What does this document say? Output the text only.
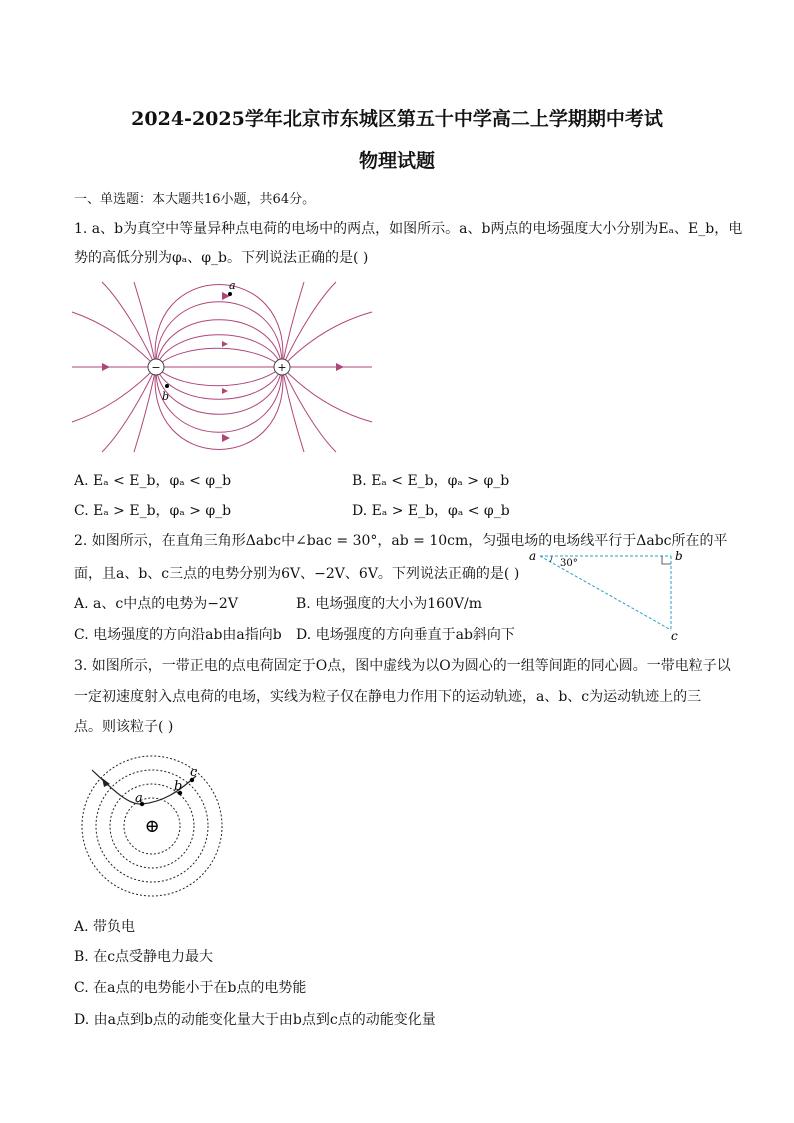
2024-2025学年北京市东城区第五十中学高二上学期期中考试
物理试题
一、单选题：本大题共16小题，共64分。
1. a、b为真空中等量异种点电荷的电场中的两点，如图所示。a、b两点的电场强度大小分别为Eₐ、E_b，电
势的高低分别为φₐ、φ_b。下列说法正确的是( )
−	+
a
b
A. Eₐ < E_b，φₐ < φ_b	B. Eₐ < E_b，φₐ > φ_b
C. Eₐ > E_b，φₐ > φ_b	D. Eₐ > E_b，φₐ < φ_b
2. 如图所示，在直角三角形Δabc中∠bac = 30°，ab = 10cm，匀强电场的电场线平行于Δabc所在的平
面，且a、b、c三点的电势分别为6V、−2V、6V。下列说法正确的是( )
A. a、c中点的电势为−2V	B. 电场强度的大小为160V/m
C. 电场强度的方向沿ab由a指向b D. 电场强度的方向垂直于ab斜向下
a	b
c
30°
3. 如图所示，一带正电的点电荷固定于O点，图中虚线为以O为圆心的一组等间距的同心圆。一带电粒子以
一定初速度射入点电荷的电场，实线为粒子仅在静电力作用下的运动轨迹，a、b、c为运动轨迹上的三
点。则该粒子( )
a
b
c
⊕
A. 带负电
B. 在c点受静电力最大
C. 在a点的电势能小于在b点的电势能
D. 由a点到b点的动能变化量大于由b点到c点的动能变化量
